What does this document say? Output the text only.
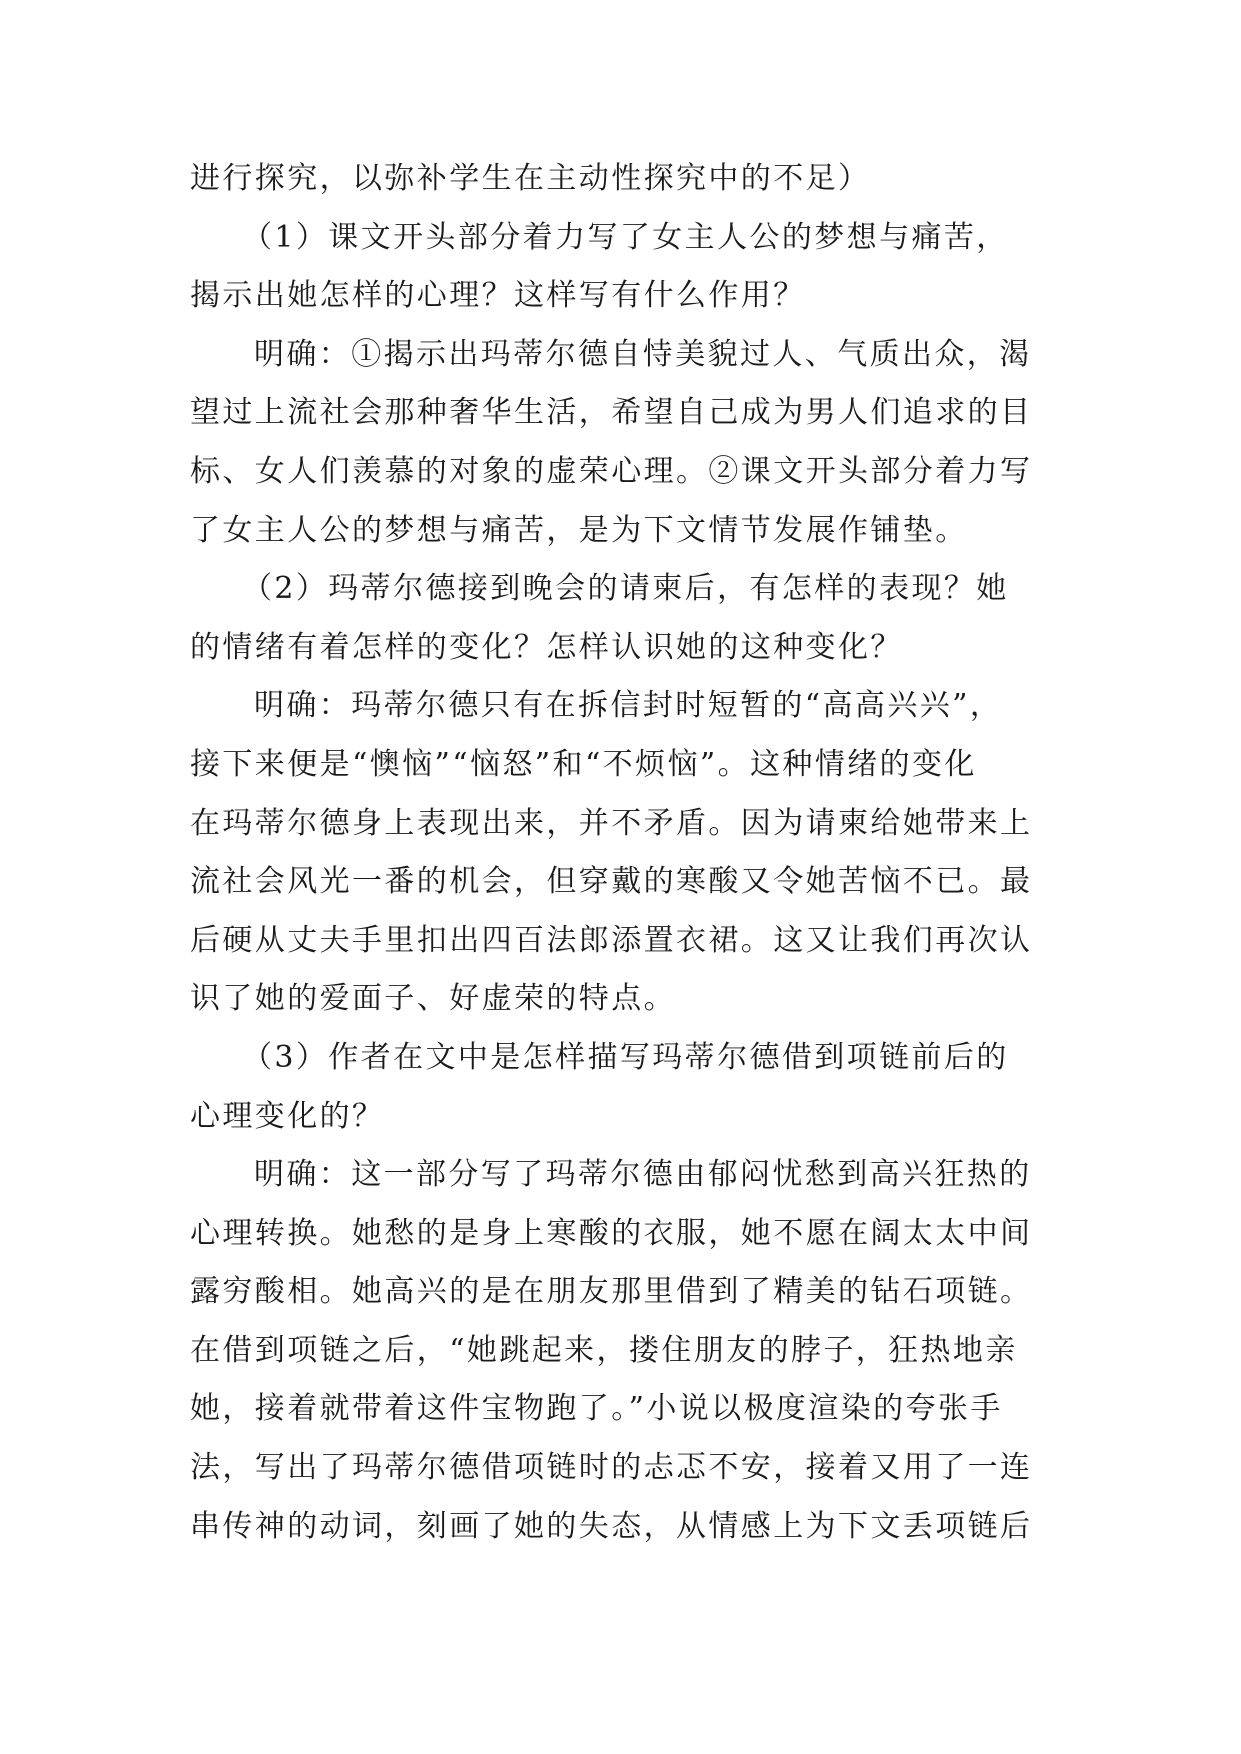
进行探究，以弥补学生在主动性探究中的不足）
（1）课文开头部分着力写了女主人公的梦想与痛苦，
揭示出她怎样的心理？这样写有什么作用？
明确：①揭示出玛蒂尔德自恃美貌过人、气质出众，渴
望过上流社会那种奢华生活，希望自己成为男人们追求的目
标、女人们羡慕的对象的虚荣心理。②课文开头部分着力写
了女主人公的梦想与痛苦，是为下文情节发展作铺垫。
（2）玛蒂尔德接到晚会的请柬后，有怎样的表现？她
的情绪有着怎样的变化？怎样认识她的这种变化？
明确：玛蒂尔德只有在拆信封时短暂的“高高兴兴”，
接下来便是“懊恼”“恼怒”和“不烦恼”。这种情绪的变化
在玛蒂尔德身上表现出来，并不矛盾。因为请柬给她带来上
流社会风光一番的机会，但穿戴的寒酸又令她苦恼不已。最
后硬从丈夫手里扣出四百法郎添置衣裙。这又让我们再次认
识了她的爱面子、好虚荣的特点。
（3）作者在文中是怎样描写玛蒂尔德借到项链前后的
心理变化的？
明确：这一部分写了玛蒂尔德由郁闷忧愁到高兴狂热的
心理转换。她愁的是身上寒酸的衣服，她不愿在阔太太中间
露穷酸相。她高兴的是在朋友那里借到了精美的钻石项链。
在借到项链之后，“她跳起来，搂住朋友的脖子，狂热地亲
她，接着就带着这件宝物跑了。”小说以极度渲染的夸张手
法，写出了玛蒂尔德借项链时的忐忑不安，接着又用了一连
串传神的动词，刻画了她的失态，从情感上为下文丢项链后
